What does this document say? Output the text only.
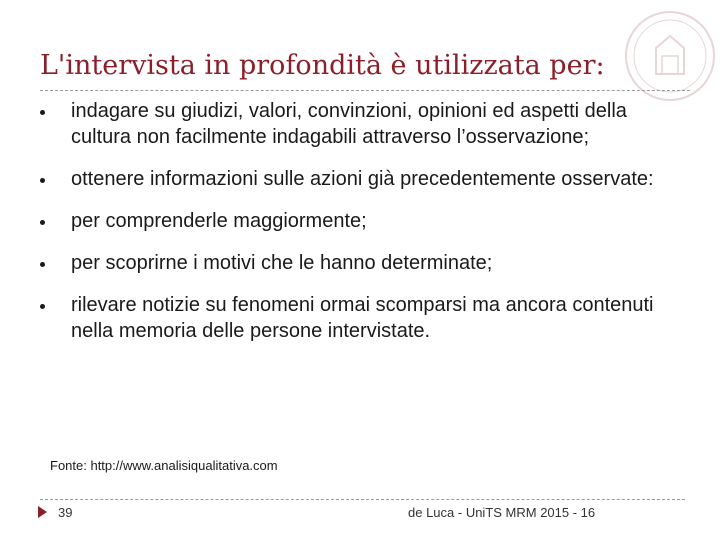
L'intervista in profondità è utilizzata per:
indagare su giudizi, valori, convinzioni, opinioni ed aspetti della cultura non facilmente indagabili attraverso l’osservazione;
ottenere informazioni sulle azioni già precedentemente osservate:
per comprenderle maggiormente;
per scoprirne i motivi che le hanno determinate;
rilevare notizie su fenomeni ormai scomparsi ma ancora contenuti nella memoria delle persone intervistate.
Fonte: http://www.analisiqualitativa.com
39	de Luca - UniTS MRM 2015 - 16
